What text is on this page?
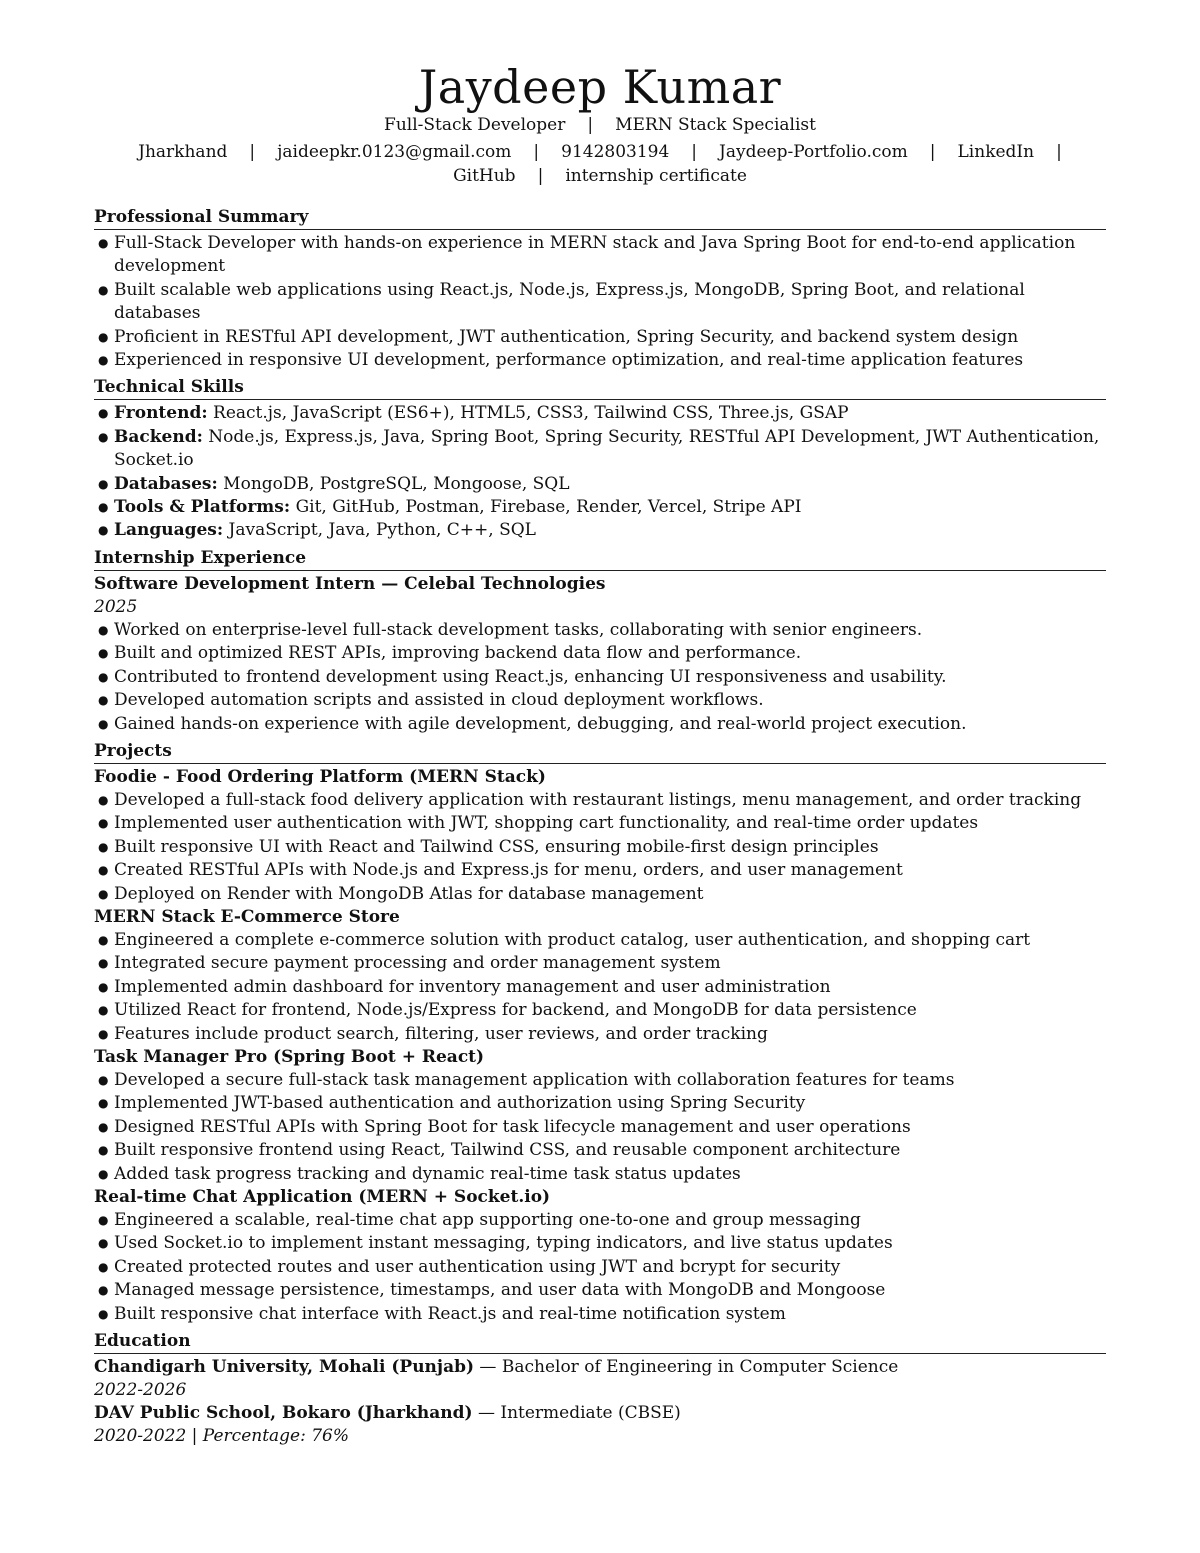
Jaydeep Kumar
Full-Stack Developer | MERN Stack Specialist
Jharkhand | jaideepkr.0123@gmail.com | 9142803194 | Jaydeep-Portfolio.com | LinkedIn |
GitHub | internship certificate
Professional Summary
● Full-Stack Developer with hands-on experience in MERN stack and Java Spring Boot for end-to-end application development
● Built scalable web applications using React.js, Node.js, Express.js, MongoDB, Spring Boot, and relational databases
● Proficient in RESTful API development, JWT authentication, Spring Security, and backend system design
● Experienced in responsive UI development, performance optimization, and real-time application features
Technical Skills
● Frontend: React.js, JavaScript (ES6+), HTML5, CSS3, Tailwind CSS, Three.js, GSAP
● Backend: Node.js, Express.js, Java, Spring Boot, Spring Security, RESTful API Development, JWT Authentication, Socket.io
● Databases: MongoDB, PostgreSQL, Mongoose, SQL
● Tools & Platforms: Git, GitHub, Postman, Firebase, Render, Vercel, Stripe API
● Languages: JavaScript, Java, Python, C++, SQL
Internship Experience
Software Development Intern — Celebal Technologies
2025
● Worked on enterprise-level full-stack development tasks, collaborating with senior engineers.
● Built and optimized REST APIs, improving backend data flow and performance.
● Contributed to frontend development using React.js, enhancing UI responsiveness and usability.
● Developed automation scripts and assisted in cloud deployment workflows.
● Gained hands-on experience with agile development, debugging, and real-world project execution.
Projects
Foodie - Food Ordering Platform (MERN Stack)
● Developed a full-stack food delivery application with restaurant listings, menu management, and order tracking
● Implemented user authentication with JWT, shopping cart functionality, and real-time order updates
● Built responsive UI with React and Tailwind CSS, ensuring mobile-first design principles
● Created RESTful APIs with Node.js and Express.js for menu, orders, and user management
● Deployed on Render with MongoDB Atlas for database management
MERN Stack E-Commerce Store
● Engineered a complete e-commerce solution with product catalog, user authentication, and shopping cart
● Integrated secure payment processing and order management system
● Implemented admin dashboard for inventory management and user administration
● Utilized React for frontend, Node.js/Express for backend, and MongoDB for data persistence
● Features include product search, filtering, user reviews, and order tracking
Task Manager Pro (Spring Boot + React)
● Developed a secure full-stack task management application with collaboration features for teams
● Implemented JWT-based authentication and authorization using Spring Security
● Designed RESTful APIs with Spring Boot for task lifecycle management and user operations
● Built responsive frontend using React, Tailwind CSS, and reusable component architecture
● Added task progress tracking and dynamic real-time task status updates
Real-time Chat Application (MERN + Socket.io)
● Engineered a scalable, real-time chat app supporting one-to-one and group messaging
● Used Socket.io to implement instant messaging, typing indicators, and live status updates
● Created protected routes and user authentication using JWT and bcrypt for security
● Managed message persistence, timestamps, and user data with MongoDB and Mongoose
● Built responsive chat interface with React.js and real-time notification system
Education
Chandigarh University, Mohali (Punjab) — Bachelor of Engineering in Computer Science
2022-2026
DAV Public School, Bokaro (Jharkhand) — Intermediate (CBSE)
2020-2022 | Percentage: 76%
